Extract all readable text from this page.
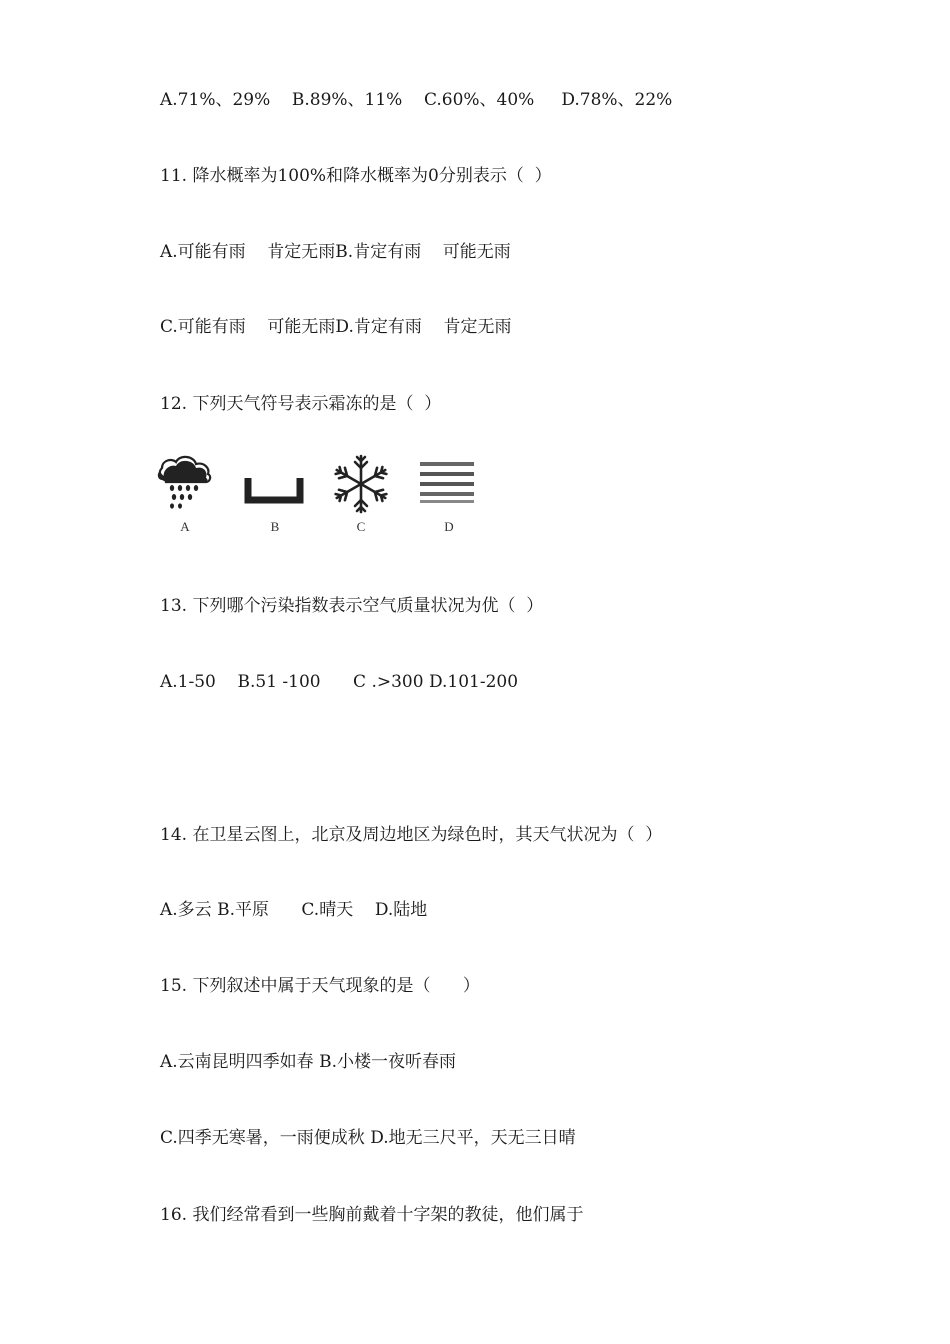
A.71%、29%    B.89%、11%    C.60%、40%     D.78%、22%
11. 降水概率为100%和降水概率为0分别表示（  ）
A.可能有雨    肯定无雨B.肯定有雨    可能无雨
C.可能有雨    可能无雨D.肯定有雨    肯定无雨
12. 下列天气符号表示霜冻的是（  ）
A	B	C	D
13. 下列哪个污染指数表示空气质量状况为优（  ）
A.1-50    B.51 -100      C .>300 D.101-200
14. 在卫星云图上，北京及周边地区为绿色时，其天气状况为（  ）
A.多云 B.平原      C.晴天    D.陆地
15. 下列叙述中属于天气现象的是（      ）
A.云南昆明四季如春 B.小楼一夜听春雨
C.四季无寒暑，一雨便成秋 D.地无三尺平，天无三日晴
16. 我们经常看到一些胸前戴着十字架的教徒，他们属于
